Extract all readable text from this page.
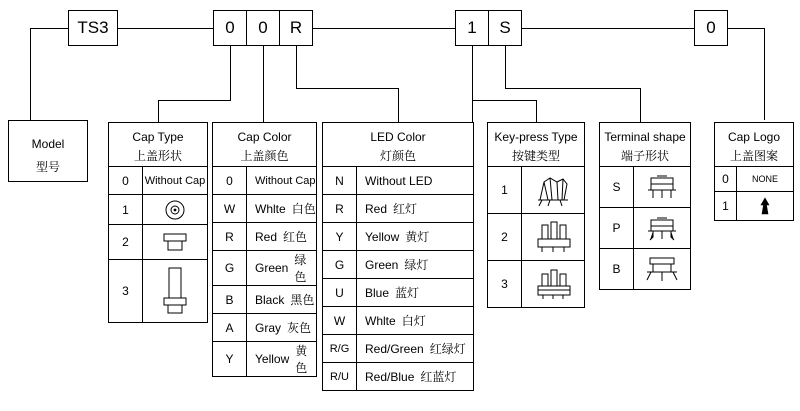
TS3	0 0 R	1 S	0
Model
型号
Cap Type
上盖形状
0	Without Cap
1
2
3
Cap Color
上盖颜色
0	Without Cap
W	Whlte 白色
R	Red 红色
G	Green
绿色
B	Black 黑色
A	Gray 灰色
Y	Yellow
黄色
LED Color
灯颜色
N	Without LED
R	Red 红灯
Y	Yellow 黄灯
G	Green 绿灯
U	Blue 蓝灯
W	Whlte 白灯
R/G	Red/Green 红绿灯
R/U	Red/Blue 红蓝灯
Key-press Type
按键类型
1
2
3
Terminal shape
端子形状
S
P
B
Cap Logo
上盖图案
0	NONE
1
